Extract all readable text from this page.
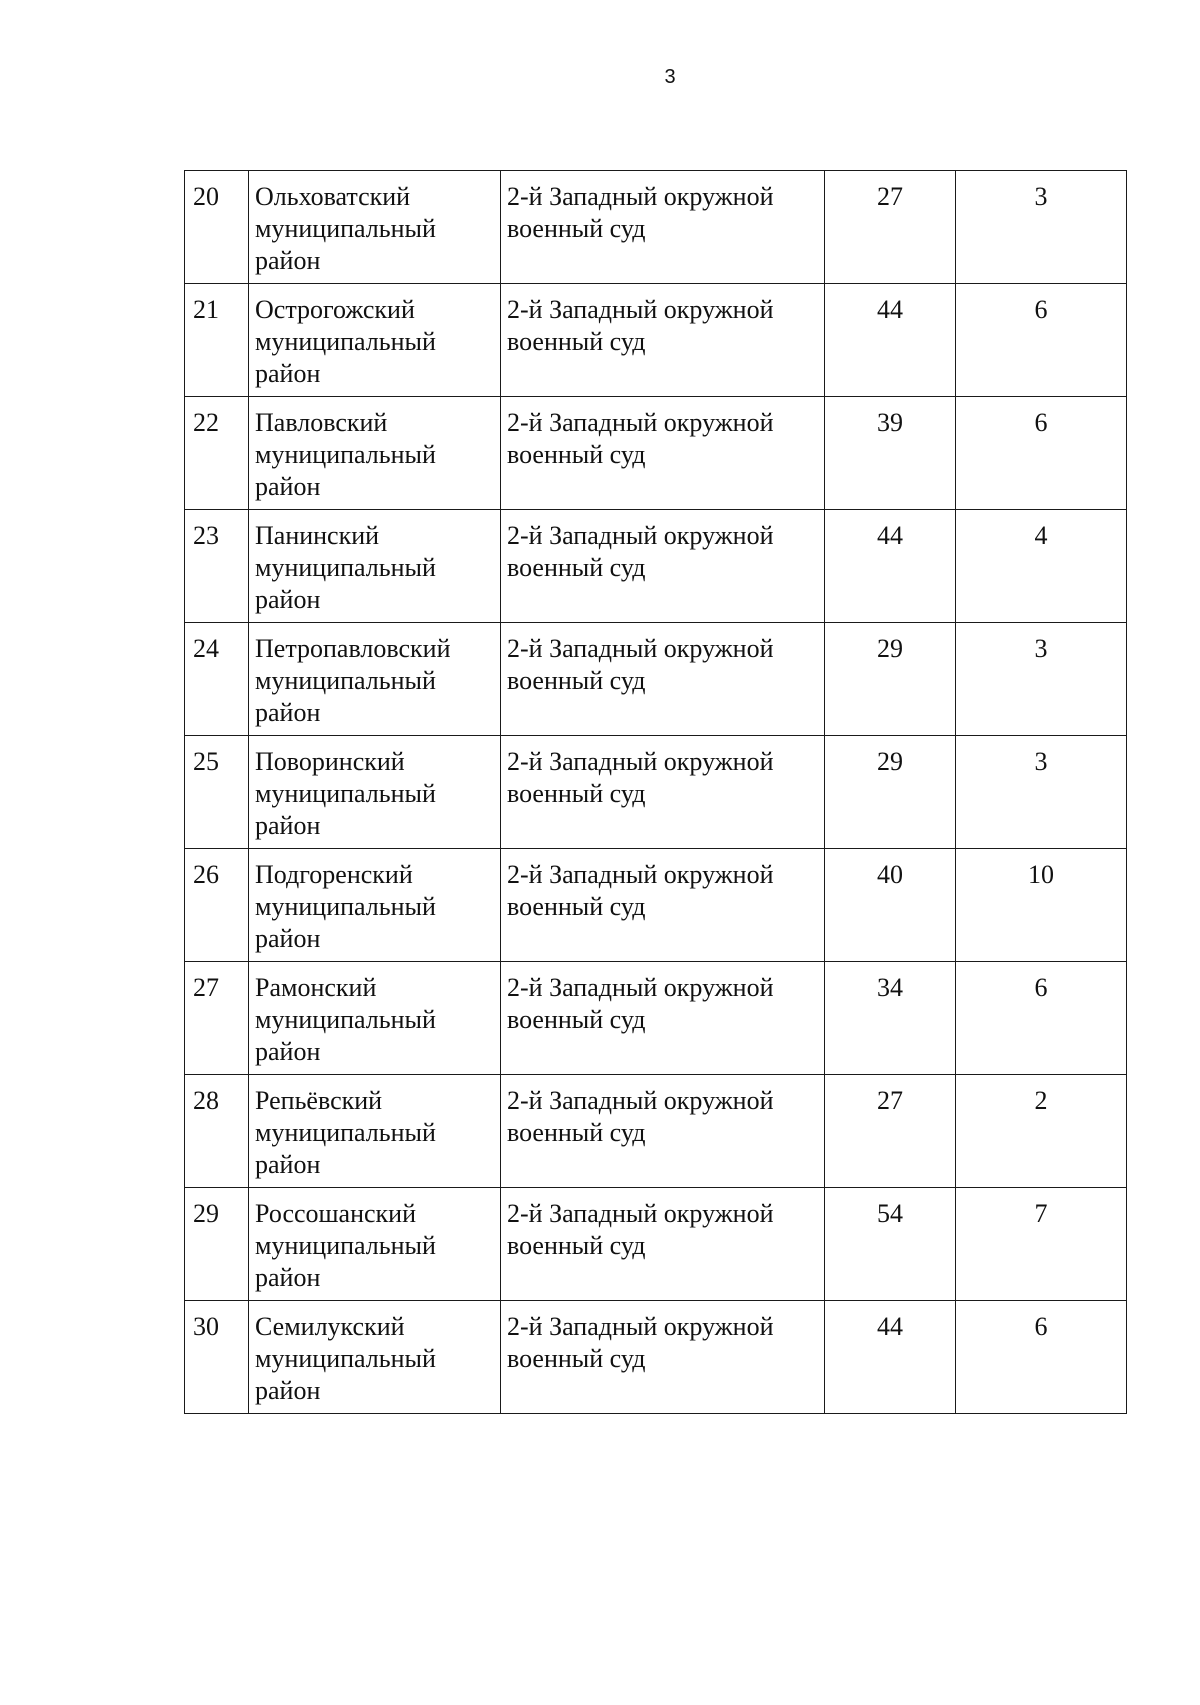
3
20	Ольховатский муниципальный район	2-й Западный окружной военный суд	27	3
21	Острогожский муниципальный район	2-й Западный окружной военный суд	44	6
22	Павловский муниципальный район	2-й Западный окружной военный суд	39	6
23	Панинский муниципальный район	2-й Западный окружной военный суд	44	4
24	Петропавловский муниципальный район	2-й Западный окружной военный суд	29	3
25	Поворинский муниципальный район	2-й Западный окружной военный суд	29	3
26	Подгоренский муниципальный район	2-й Западный окружной военный суд	40	10
27	Рамонский муниципальный район	2-й Западный окружной военный суд	34	6
28	Репьёвский муниципальный район	2-й Западный окружной военный суд	27	2
29	Россошанский муниципальный район	2-й Западный окружной военный суд	54	7
30	Семилукский муниципальный район	2-й Западный окружной военный суд	44	6
